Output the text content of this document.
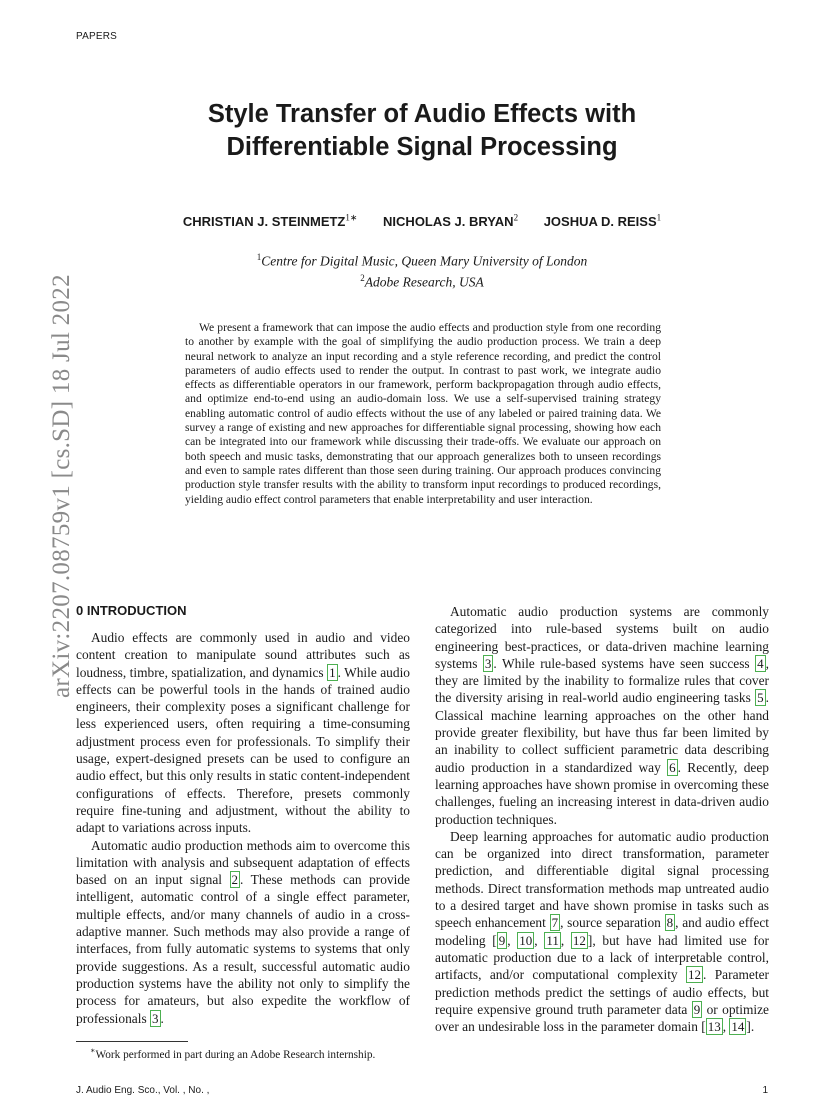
PAPERS
Style Transfer of Audio Effects with
Differentiable Signal Processing
CHRISTIAN J. $STEINMETZ^{1∗}$ NICHOLAS J. BRYAN$^2$ JOSHUA D. REISS$^1$
$^1$Centre for Digital Music, Queen Mary University of London
$^2$Adobe Research, USA
arXiv:2207.08759v1 [cs.SD] 18 Jul 2022	We present a framework that can impose the audio effects and production style from one recording to another by example with the goal of simplifying the audio production process. We train a deep neural network to analyze an input recording and a style reference recording, and predict the control parameters of audio effects used to render the output. In contrast to past work, we integrate audio effects as differentiable operators in our framework, perform backpropagation through audio effects, and optimize end-to-end using an audio-domain loss. We use a self-supervised training strategy enabling automatic control of audio effects without the use of any labeled or paired training data. We survey a range of existing and new approaches for differentiable signal processing, showing how each can be integrated into our framework while discussing their trade-offs. We evaluate our approach on both speech and music tasks, demonstrating that our approach generalizes both to unseen recordings and even to sample rates different than those seen during training. Our approach produces convincing production style transfer results with the ability to transform input recordings to produced recordings, yielding audio effect control parameters that enable interpretability and user interaction.

0 INTRODUCTION

Audio effects are commonly used in audio and video content creation to manipulate sound attributes such as loudness, timbre, spatialization, and dynamics 1 . While audio effects can be powerful tools in the hands of trained audio engineers, their complexity poses a significant challenge for less experienced users, often requiring a time-consuming adjustment process even for professionals. To simplify their usage, expert-designed presets can be used to configure an audio effect, but this only results in static content-independent configurations of effects. Therefore, presets commonly require fine-tuning and adjustment, without the ability to adapt to variations across inputs.

Automatic audio production methods aim to overcome this limitation with analysis and subsequent adaptation of effects based on an input signal 2 . These methods can provide intelligent, automatic control of a single effect parameter, multiple effects, and/or many channels of audio in a cross-adaptive manner. Such methods may also provide a range of interfaces, from fully automatic systems to systems that only provide suggestions. As a result, successful automatic audio production systems have the ability not only to simplify the process for amateurs, but also expedite the workflow of professionals 3 .

Automatic audio production systems are commonly categorized into rule-based systems built on audio engineering best-practices, or data-driven machine learning systems 3 . While rule-based systems have seen success 4 , they are limited by the inability to formalize rules that cover the diversity arising in real-world audio engineering tasks 5 . Classical machine learning approaches on the other hand provide greater flexibility, but have thus far been limited by an inability to collect sufficient parametric data describing audio production in a standardized way 6 . Recently, deep learning approaches have shown promise in overcoming these challenges, fueling an increasing interest in data-driven audio production techniques.

Deep learning approaches for automatic audio production can be organized into direct transformation, parameter prediction, and differentiable digital signal processing methods. Direct transformation methods map untreated audio to a desired target and have shown promise in tasks such as speech enhancement 7 , source separation 8 , and audio effect modeling [ 9 , 10 , 11 , 12 ], but have had limited use for automatic production due to a lack of interpretable control, artifacts, and/or computational complexity 12 . Parameter prediction methods predict the settings of audio effects, but require expensive ground truth parameter data 9 or optimize over an undesirable loss in the parameter domain [ 13 , 14 ].

∗Work performed in part during an Adobe Research internship.
J. Audio Eng. Sco., Vol. , No. ,	1
